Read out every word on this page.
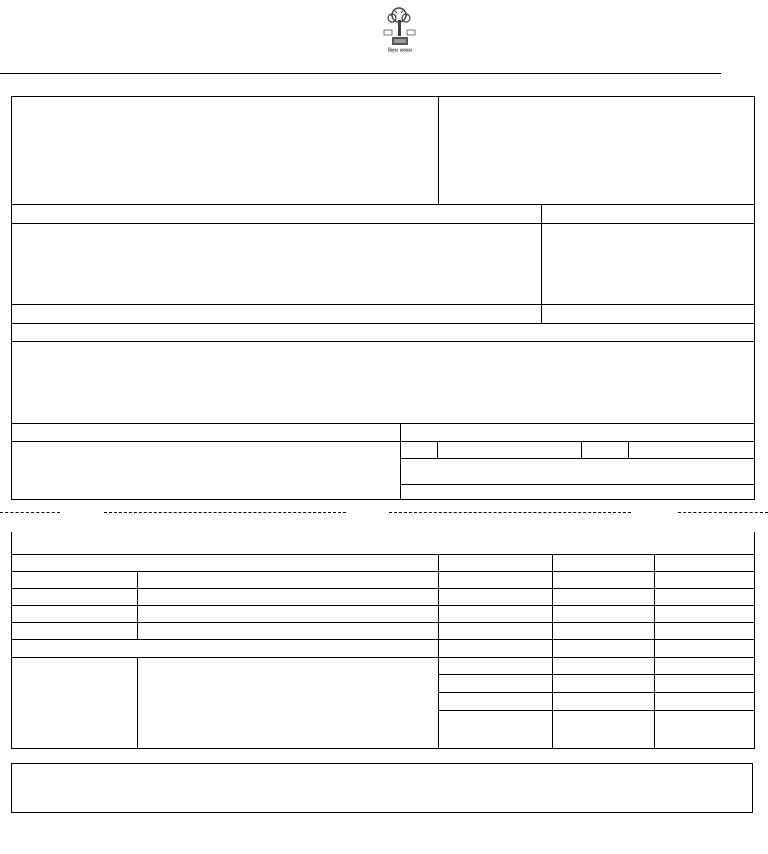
बिहार सरकार
